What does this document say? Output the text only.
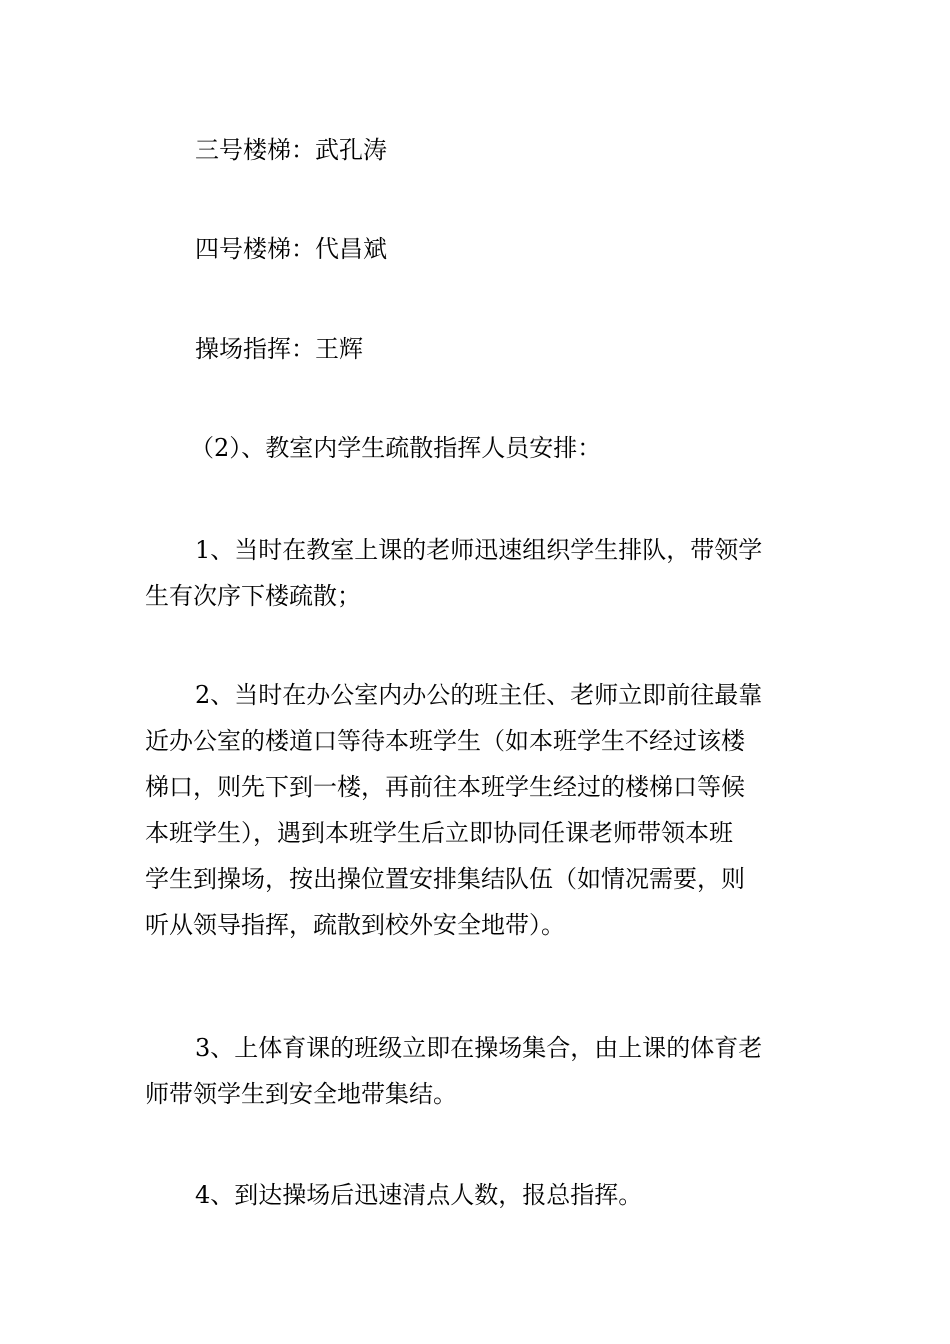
三号楼梯：武孔涛
四号楼梯：代昌斌
操场指挥：王辉
（2）、教室内学生疏散指挥人员安排：
1、当时在教室上课的老师迅速组织学生排队，带领学
生有次序下楼疏散；
2、当时在办公室内办公的班主任、老师立即前往最靠
近办公室的楼道口等待本班学生（如本班学生不经过该楼
梯口，则先下到一楼，再前往本班学生经过的楼梯口等候
本班学生），遇到本班学生后立即协同任课老师带领本班
学生到操场，按出操位置安排集结队伍（如情况需要，则
听从领导指挥，疏散到校外安全地带）。
3、上体育课的班级立即在操场集合，由上课的体育老
师带领学生到安全地带集结。
4、到达操场后迅速清点人数，报总指挥。
